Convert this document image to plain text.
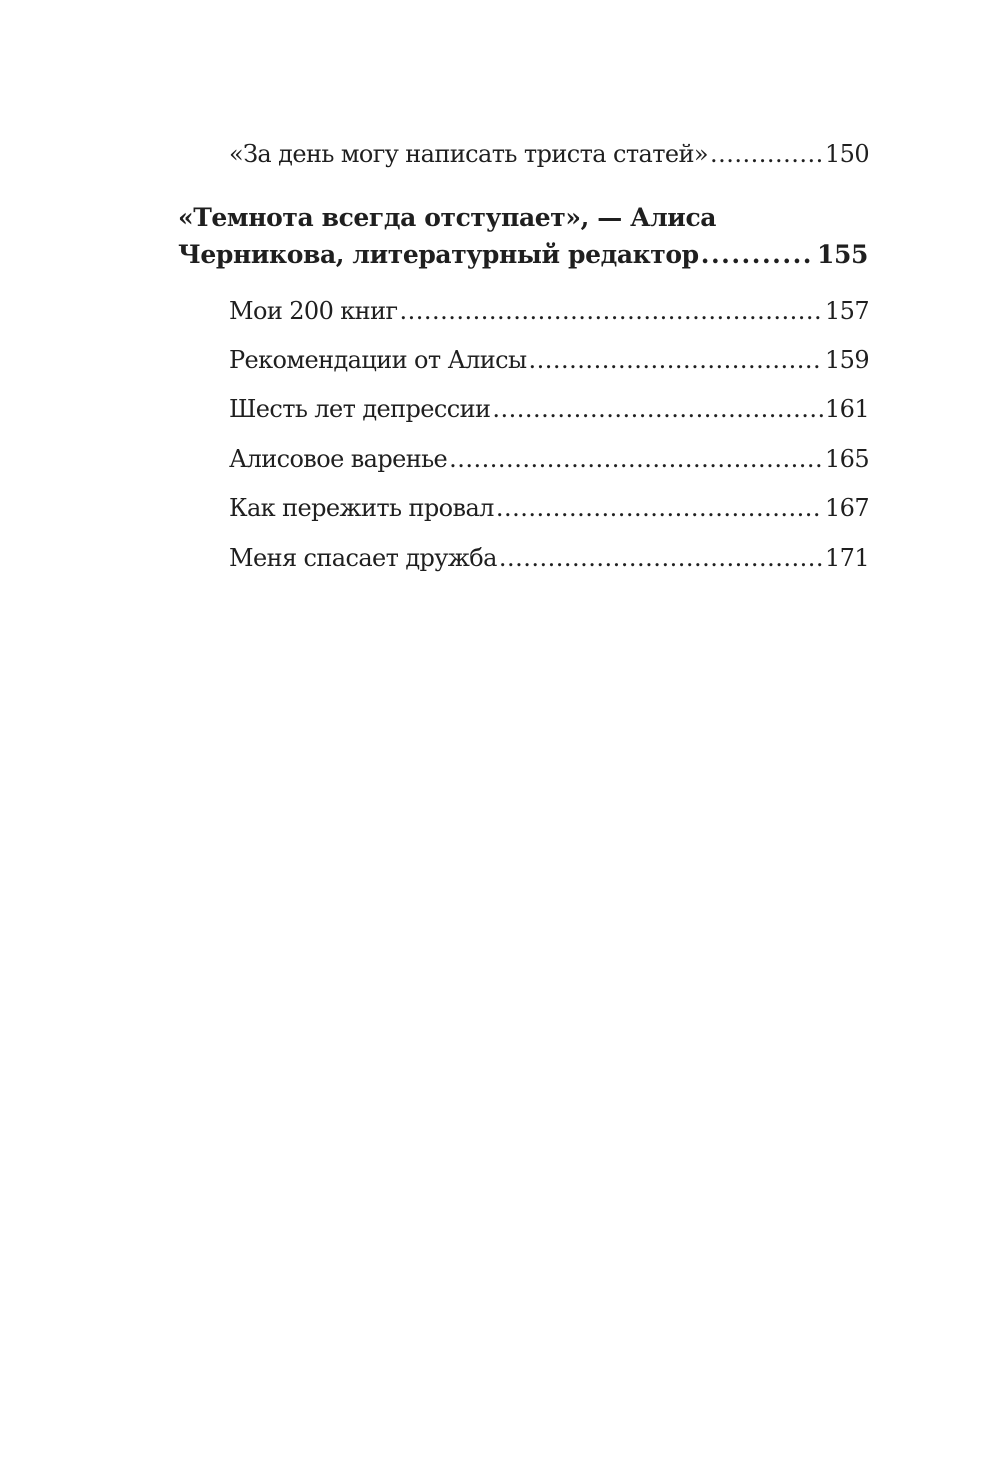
«За день могу написать триста статей» .....	150
«Темнота всегда отступает», — Алиса
Черникова, литературный редактор .....	155
Мои 200 книг .....	157
Рекомендации от Алисы .....	159
Шесть лет депрессии .....	161
Алисовое варенье .....	165
Как пережить провал .....	167
Меня спасает дружба .....	171
